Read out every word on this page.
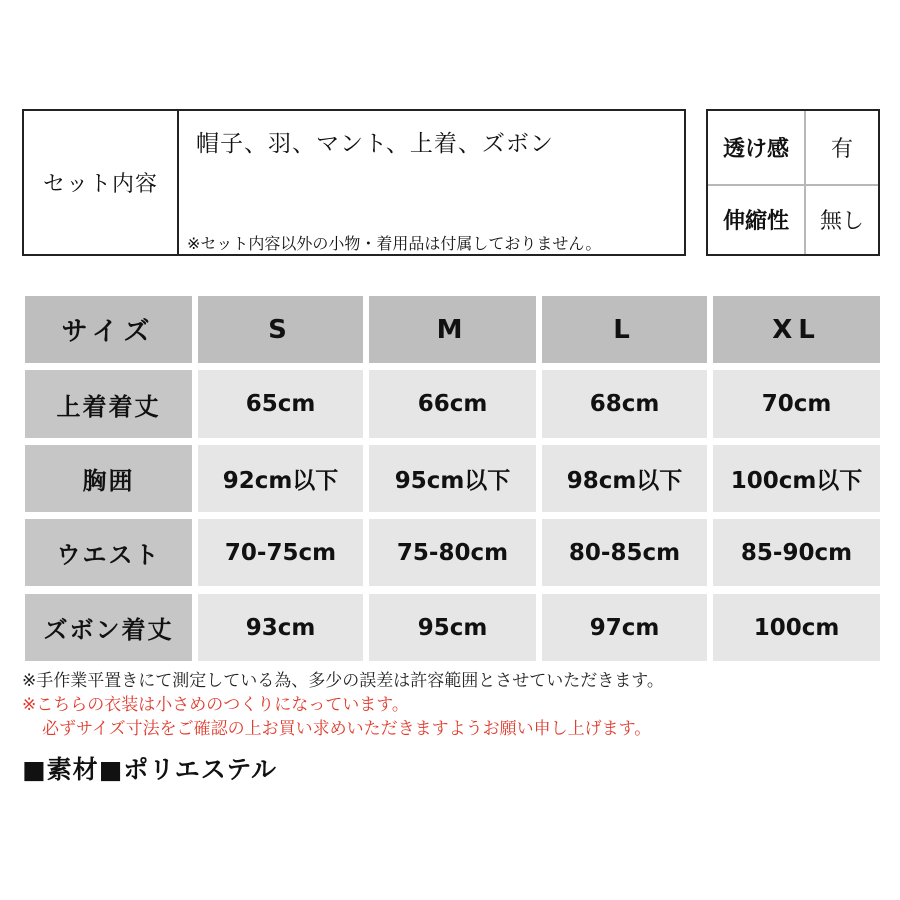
セット内容
帽子、羽、マント、上着、ズボン
※セット内容以外の小物・着用品は付属しておりません。
透け感	有
伸縮性	無し
サイズ	S	M	L	XL
上着着丈	65cm	66cm	68cm	70cm
胸囲	92cm以下	95cm以下	98cm以下	100cm以下
ウエスト	70-75cm	75-80cm	80-85cm	85-90cm
ズボン着丈	93cm	95cm	97cm	100cm
※手作業平置きにて測定している為、多少の誤差は許容範囲とさせていただきます。
※こちらの衣装は小さめのつくりになっています。
必ずサイズ寸法をご確認の上お買い求めいただきますようお願い申し上げます。
■素材■ポリエステル
